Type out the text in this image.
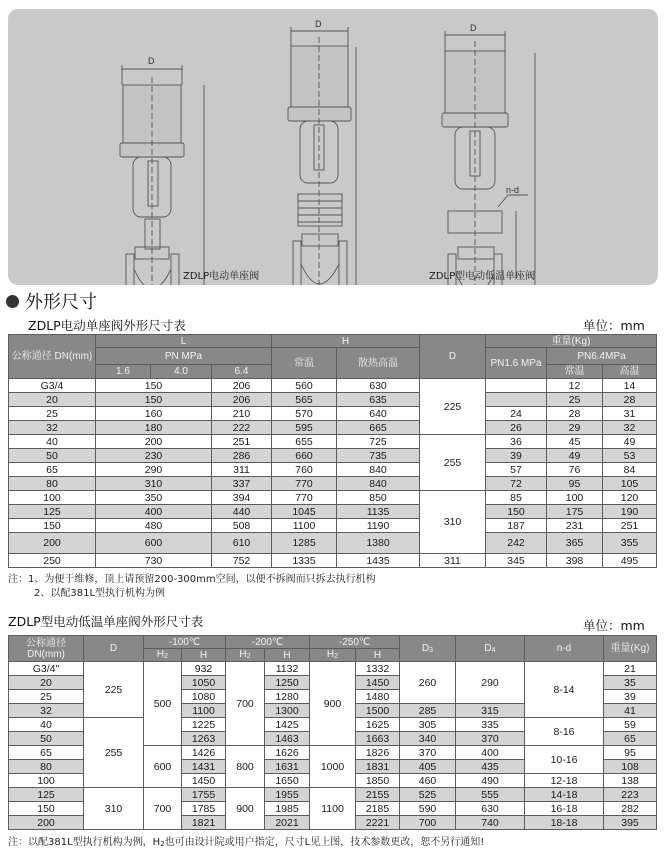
D
D	D
n-d
ZDLP电动单座阀	ZDLP型电动低温单座阀
外形尺寸
ZDLP电动单座阀外形尺寸表	单位：mm
公称通径 DN(mm)	L			H		D	重量(Kg)		
	PN MPa			常温	散热高温		PN1.6 MPa	PN6.4MPa	
	1.6	4.0	6.4					常温	高温
G3/4	150		206	560	630	225		12	14
20	150		206	565	635			25	28
25	160		210	570	640		24	28	31
32	180		222	595	665		26	29	32
40	200		251	655	725	255	36	45	49
50	230		286	660	735		39	49	53
65	290		311	760	840		57	76	84
80	310		337	770	840		72	95	105
100	350		394	770	850	310	85	100	120
125	400		440	1045	1135		150	175	190
150	480		508	1100	1190		187	231	251
200	600		610	1285	1380		242	365	355
250	730		752	1335	1435	311	345	398	495
注：1、为便于维修，顶上请预留200-300mm空间，以便不拆阀而只拆去执行机构
2、以配381L型执行机构为例
ZDLP型电动低温单座阀外形尺寸表	单位：mm
公称通径 DN(mm)	D	-100℃		-200℃		-250℃		$D_3$	$D_4$	n-d	重量(Kg)
		$H_2$	H	$H_2$	H	$H_2$	H				
G3/4"	225	500	932	700	1132	900	1332	260	290	8-14	21
20			1050		1250		1450				35
25			1080		1280		1480				39
32			1100		1300		1500	285	315		41
40	255		1225		1425		1625	305	335	8-16	59
50			1263		1463		1663	340	370		65
65		600	1426	800	1626	1000	1826	370	400	10-16	95
80			1431		1631		1831	405	435		108
100			1450		1650		1850	460	490	12-18	138
125	310	700	1755	900	1955	1100	2155	525	555	14-18	223
150			1785		1985		2185	590	630	16-18	282
200			1821		2021		2221	700	740	18-18	395
注：以配381L型执行机构为例，$H_2$也可由设计院或用户指定，尺寸L见上图，技术参数更改，恕不另行通知!
